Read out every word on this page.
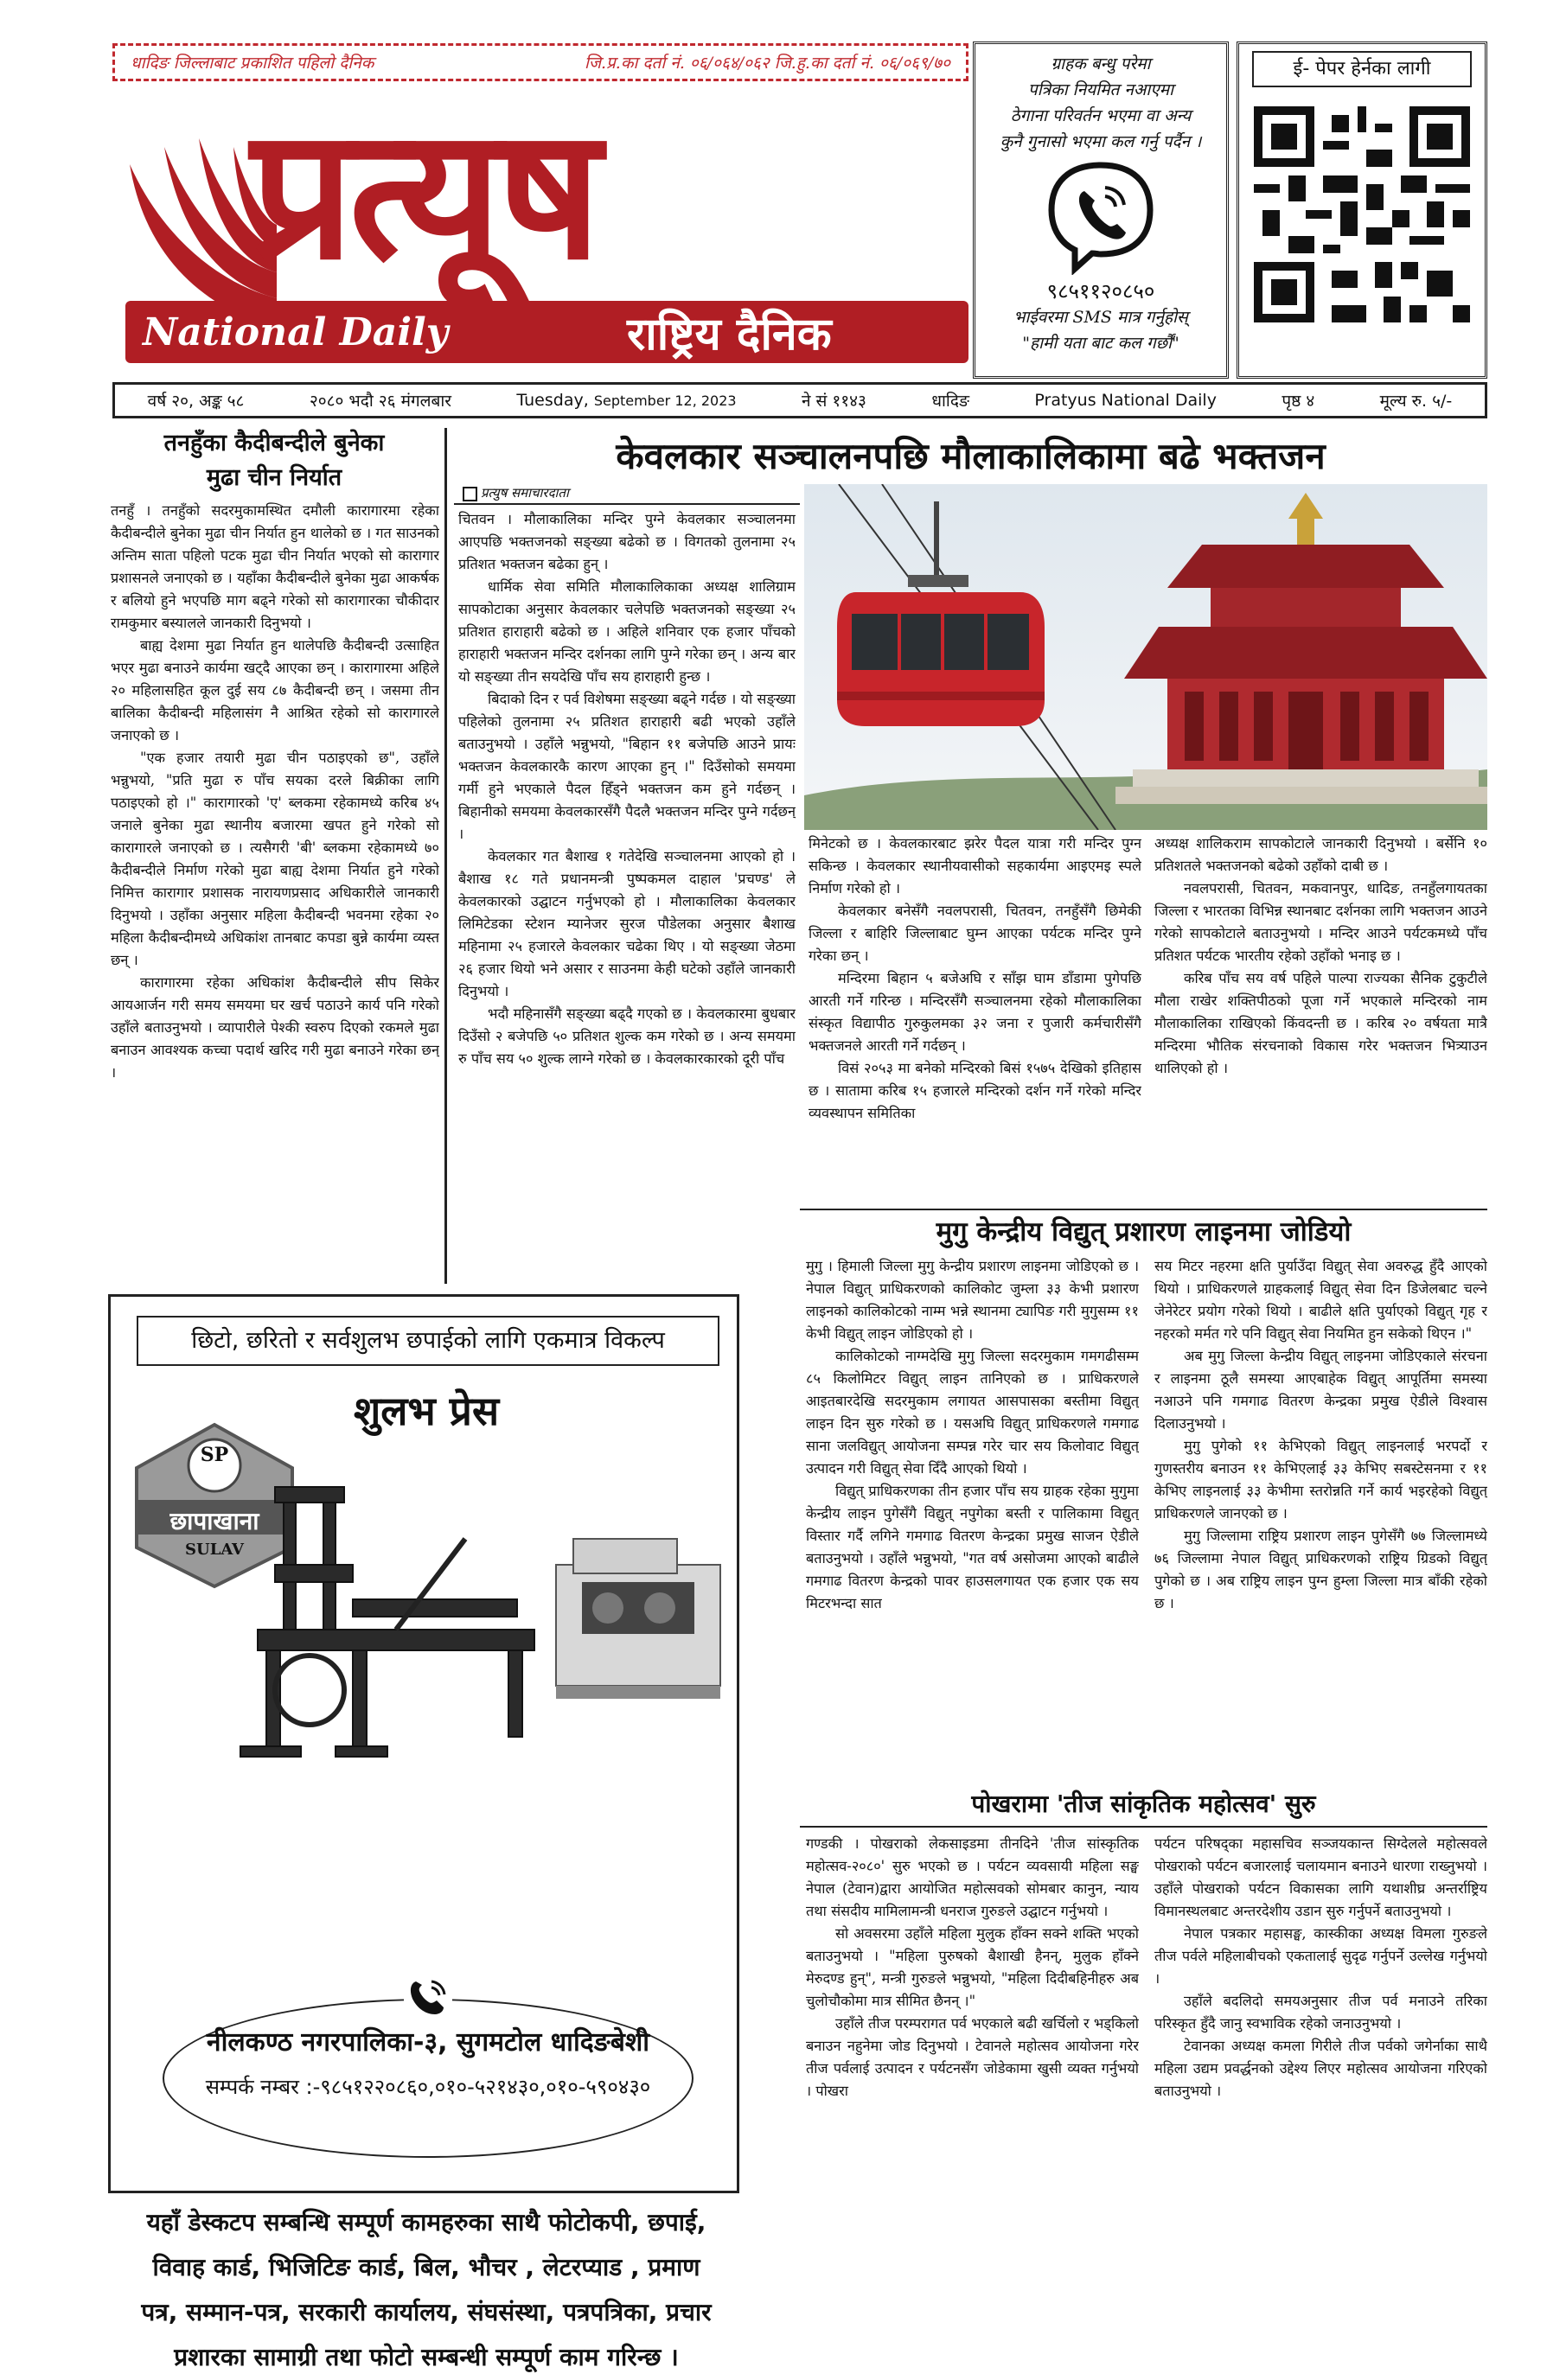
धादिङ जिल्लाबाट प्रकाशित पहिलो दैनिक	जि.प्र.का दर्ता नं. ०६/०६४/०६२ जि.हु.का दर्ता नं. ०६/०६९/७०
प्रत्यूष
National Daily	राष्ट्रिय दैनिक
ग्राहक बन्धु परेमा
पत्रिका नियमित नआएमा
ठेगाना परिवर्तन भएमा वा अन्य
कुनै गुनासो भएमा कल गर्नु पर्दैन ।
९८५११२०८५०
भाईवरमा SMS मात्र गर्नुहोस्
"हामी यता बाट कल गर्छौं"
ई- पेपर हेर्नका लागी
वर्ष २०, अङ्क ५८	२०८० भदौ २६ मंगलबार	Tuesday, September 12, 2023	ने सं ११४३	धादिङ	Pratyus National Daily	पृष्ठ ४	मूल्य रु. ५/-
तनहुँका कैदीबन्दीले बुनेका
मुढा चीन निर्यात

तनहुँ । तनहुँको सदरमुकामस्थित दमौली कारागारमा रहेका कैदीबन्दीले बुनेका मुढा चीन निर्यात हुन थालेको छ । गत साउनको अन्तिम साता पहिलो पटक मुढा चीन निर्यात भएको सो कारागार प्रशासनले जनाएको छ । यहाँका कैदीबन्दीले बुनेका मुढा आकर्षक र बलियो हुने भएपछि माग बढ्ने गरेको सो कारागारका चौकीदार रामकुमार बस्यालले जानकारी दिनुभयो ।

बाह्य देशमा मुढा निर्यात हुन थालेपछि कैदीबन्दी उत्साहित भएर मुढा बनाउने कार्यमा खट्दै आएका छन् । कारागारमा अहिले २० महिलासहित कूल दुई सय ८७ कैदीबन्दी छन् । जसमा तीन बालिका कैदीबन्दी महिलासंग नै आश्रित रहेको सो कारागारले जनाएको छ ।

"एक हजार तयारी मुढा चीन पठाइएको छ", उहाँले भन्नुभयो, "प्रति मुढा रु पाँच सयका दरले बिक्रीका लागि पठाइएको हो ।" कारागारको 'ए' ब्लकमा रहेकामध्ये करिब ४५ जनाले बुनेका मुढा स्थानीय बजारमा खपत हुने गरेको सो कारागारले जनाएको छ । त्यसैगरी 'बी' ब्लकमा रहेकामध्ये ७० कैदीबन्दीले निर्माण गरेको मुढा बाह्य देशमा निर्यात हुने गरेको निमित्त कारागार प्रशासक नारायणप्रसाद अधिकारीले जानकारी दिनुभयो । उहाँका अनुसार महिला कैदीबन्दी भवनमा रहेका २० महिला कैदीबन्दीमध्ये अधिकांश तानबाट कपडा बुन्ने कार्यमा व्यस्त छन् ।

कारागारमा रहेका अधिकांश कैदीबन्दीले सीप सिकेर आयआर्जन गरी समय समयमा घर खर्च पठाउने कार्य पनि गरेको उहाँले बताउनुभयो । व्यापारीले पेश्की स्वरुप दिएको रकमले मुढा बनाउन आवश्यक कच्चा पदार्थ खरिद गरी मुढा बनाउने गरेका छन् ।

केवलकार सञ्चालनपछि मौलाकालिकामा बढे भक्तजन
प्रत्युष समाचारदाता

चितवन । मौलाकालिका मन्दिर पुग्ने केवलकार सञ्चालनमा आएपछि भक्तजनको सङ्ख्या बढेको छ । विगतको तुलनामा २५ प्रतिशत भक्तजन बढेका हुन् ।

धार्मिक सेवा समिति मौलाकालिकाका अध्यक्ष शालिग्राम सापकोटाका अनुसार केवलकार चलेपछि भक्तजनको सङ्ख्या २५ प्रतिशत हाराहारी बढेको छ । अहिले शनिवार एक हजार पाँचको हाराहारी भक्तजन मन्दिर दर्शनका लागि पुग्ने गरेका छन् । अन्य बार यो सङ्ख्या तीन सयदेखि पाँच सय हाराहारी हुन्छ ।

बिदाको दिन र पर्व विशेषमा सङ्ख्या बढ्ने गर्दछ । यो सङ्ख्या पहिलेको तुलनामा २५ प्रतिशत हाराहारी बढी भएको उहाँले बताउनुभयो । उहाँले भन्नुभयो, "बिहान ११ बजेपछि आउने प्रायः भक्तजन केवलकारकै कारण आएका हुन् ।" दिउँसोको समयमा गर्मी हुने भएकाले पैदल हिँड्ने भक्तजन कम हुने गर्दछन् । बिहानीको समयमा केवलकारसँगै पैदलै भक्तजन मन्दिर पुग्ने गर्दछन् ।

केवलकार गत बैशाख १ गतेदेखि सञ्चालनमा आएको हो । बैशाख १८ गते प्रधानमन्त्री पुष्पकमल दाहाल 'प्रचण्ड' ले केवलकारको उद्घाटन गर्नुभएको हो । मौलाकालिका केवलकार लिमिटेडका स्टेशन म्यानेजर सुरज पौडेलका अनुसार बैशाख महिनामा २५ हजारले केवलकार चढेका थिए । यो सङ्ख्या जेठमा २६ हजार थियो भने असार र साउनमा केही घटेको उहाँले जानकारी दिनुभयो ।

भदौ महिनासँगै सङ्ख्या बढ्दै गएको छ । केवलकारमा बुधबार दिउँसो २ बजेपछि ५० प्रतिशत शुल्क कम गरेको छ । अन्य समयमा रु पाँच सय ५० शुल्क लाग्ने गरेको छ । केवलकारकारको दूरी पाँच

मिनेटको छ । केवलकारबाट झरेर पैदल यात्रा गरी मन्दिर पुग्न सकिन्छ । केवलकार स्थानीयवासीको सहकार्यमा आइएमइ स्पले निर्माण गरेको हो ।

केवलकार बनेसँगै नवलपरासी, चितवन, तनहुँसँगै छिमेकी जिल्ला र बाहिरि जिल्लाबाट घुम्न आएका पर्यटक मन्दिर पुग्ने गरेका छन् ।

मन्दिरमा बिहान ५ बजेअघि र साँझ घाम डाँडामा पुगेपछि आरती गर्ने गरिन्छ । मन्दिरसँगै सञ्चालनमा रहेको मौलाकालिका संस्कृत विद्यापीठ गुरुकुलमका ३२ जना र पुजारी कर्मचारीसँगै भक्तजनले आरती गर्ने गर्दछन् ।

विसं २०५३ मा बनेको मन्दिरको बिसं १५७५ देखिको इतिहास छ । सातामा करिब १५ हजारले मन्दिरको दर्शन गर्ने गरेको मन्दिर व्यवस्थापन समितिका

अध्यक्ष शालिकराम सापकोटाले जानकारी दिनुभयो । बर्सेनि १० प्रतिशतले भक्तजनको बढेको उहाँको दाबी छ ।

नवलपरासी, चितवन, मकवानपुर, धादिङ, तनहुँलगायतका जिल्ला र भारतका विभिन्न स्थानबाट दर्शनका लागि भक्तजन आउने गरेको सापकोटाले बताउनुभयो । मन्दिर आउने पर्यटकमध्ये पाँच प्रतिशत पर्यटक भारतीय रहेको उहाँको भनाइ छ ।

करिब पाँच सय वर्ष पहिले पाल्पा राज्यका सैनिक टुकुटीले मौला राखेर शक्तिपीठको पूजा गर्ने भएकाले मन्दिरको नाम मौलाकालिका राखिएको किंवदन्ती छ । करिब २० वर्षयता मात्रै मन्दिरमा भौतिक संरचनाको विकास गरेर भक्तजन भित्र्याउन थालिएको हो ।

मुगु केन्द्रीय विद्युत् प्रशारण लाइनमा जोडियो

मुगु । हिमाली जिल्ला मुगु केन्द्रीय प्रशारण लाइनमा जोडिएको छ । नेपाल विद्युत् प्राधिकरणको कालिकोट जुम्ला ३३ केभी प्रशारण लाइनको कालिकोटको नाम्म भन्ने स्थानमा ट्यापिङ गरी मुगुसम्म ११ केभी विद्युत् लाइन जोडिएको हो ।

कालिकोटको नाग्मदेखि मुगु जिल्ला सदरमुकाम गमगढीसम्म ८५ किलोमिटर विद्युत् लाइन तानिएको छ । प्राधिकरणले आइतबारदेखि सदरमुकाम लगायत आसपासका बस्तीमा विद्युत् लाइन दिन सुरु गरेको छ । यसअघि विद्युत् प्राधिकरणले गमगाढ साना जलविद्युत् आयोजना सम्पन्न गरेर चार सय किलोवाट विद्युत् उत्पादन गरी विद्युत् सेवा दिँदै आएको थियो ।

विद्युत् प्राधिकरणका तीन हजार पाँच सय ग्राहक रहेका मुगुमा केन्द्रीय लाइन पुगेसँगै विद्युत् नपुगेका बस्ती र पालिकामा विद्युत् विस्तार गर्दै लगिने गमगाढ वितरण केन्द्रका प्रमुख साजन ऐडीले बताउनुभयो । उहाँले भन्नुभयो, "गत वर्ष असोजमा आएको बाढीले गमगाढ वितरण केन्द्रको पावर हाउसलगायत एक हजार एक सय मिटरभन्दा सात

सय मिटर नहरमा क्षति पुर्याउँदा विद्युत् सेवा अवरुद्ध हुँदै आएको थियो । प्राधिकरणले ग्राहकलाई विद्युत् सेवा दिन डिजेलबाट चल्ने जेनेरेटर प्रयोग गरेको थियो । बाढीले क्षति पुर्याएको विद्युत् गृह र नहरको मर्मत गरे पनि विद्युत् सेवा नियमित हुन सकेको थिएन ।"

अब मुगु जिल्ला केन्द्रीय विद्युत् लाइनमा जोडिएकाले संरचना र लाइनमा ठूलै समस्या आएबाहेक विद्युत् आपूर्तिमा समस्या नआउने पनि गमगाढ वितरण केन्द्रका प्रमुख ऐडीले विश्वास दिलाउनुभयो ।

मुगु पुगेको ११ केभिएको विद्युत् लाइनलाई भरपर्दो र गुणस्तरीय बनाउन ११ केभिएलाई ३३ केभिए सबस्टेसनमा र ११ केभिए लाइनलाई ३३ केभीमा स्तरोन्नति गर्ने कार्य भइरहेको विद्युत् प्राधिकरणले जानएको छ ।

मुगु जिल्लामा राष्ट्रिय प्रशारण लाइन पुगेसँगै ७७ जिल्लामध्ये ७६ जिल्लामा नेपाल विद्युत् प्राधिकरणको राष्ट्रिय ग्रिडको विद्युत् पुगेको छ । अब राष्ट्रिय लाइन पुग्न हुम्ला जिल्ला मात्र बाँकी रहेको छ ।

पोखरामा 'तीज सांकृतिक महोत्सव' सुरु

गण्डकी । पोखराको लेकसाइडमा तीनदिने 'तीज सांस्कृतिक महोत्सव-२०८०' सुरु भएको छ । पर्यटन व्यवसायी महिला सङ्घ नेपाल (टेवान)द्वारा आयोजित महोत्सवको सोमबार कानुन, न्याय तथा संसदीय मामिलामन्त्री धनराज गुरुङले उद्घाटन गर्नुभयो ।

सो अवसरमा उहाँले महिला मुलुक हाँक्न सक्ने शक्ति भएको बताउनुभयो । "महिला पुरुषको बैशाखी हैनन्, मुलुक हाँक्ने मेरुदण्ड हुन्", मन्त्री गुरुङले भन्नुभयो, "महिला दिदीबहिनीहरु अब चुलोचौकोमा मात्र सीमित छैनन् ।"

उहाँले तीज परम्परागत पर्व भएकाले बढी खर्चिलो र भड्किलो बनाउन नहुनेमा जोड दिनुभयो । टेवानले महोत्सव आयोजना गरेर तीज पर्वलाई उत्पादन र पर्यटनसँग जोडेकामा खुसी व्यक्त गर्नुभयो । पोखरा

पर्यटन परिषद्का महासचिव सञ्जयकान्त सिग्देलले महोत्सवले पोखराको पर्यटन बजारलाई चलायमान बनाउने धारणा राख्नुभयो । उहाँले पोखराको पर्यटन विकासका लागि यथाशीघ्र अन्तर्राष्ट्रिय विमानस्थलबाट अन्तरदेशीय उडान सुरु गर्नुपर्ने बताउनुभयो ।

नेपाल पत्रकार महासङ्घ, कास्कीका अध्यक्ष विमला गुरुङले तीज पर्वले महिलाबीचको एकतालाई सुदृढ गर्नुपर्ने उल्लेख गर्नुभयो ।

उहाँले बदलिदो समयअनुसार तीज पर्व मनाउने तरिका परिस्कृत हुँदै जानु स्वभाविक रहेको जनाउनुभयो ।

टेवानका अध्यक्ष कमला गिरीले तीज पर्वको जगेर्नाका साथै महिला उद्यम प्रवर्द्धनको उद्देश्य लिएर महोत्सव आयोजना गरिएको बताउनुभयो ।

छिटो, छरितो र सर्वशुलभ छपाईको लागि एकमात्र विकल्प
शुलभ प्रेस
SP
छापाखाना
SULAV
यहाँ डेस्कटप सम्बन्धि सम्पूर्ण कामहरुका साथै फोटोकपी, छपाई, विवाह कार्ड, भिजिटिङ कार्ड, बिल, भौचर , लेटरप्याड , प्रमाण पत्र, सम्मान-पत्र, सरकारी कार्यालय, संघसंस्था, पत्रपत्रिका, प्रचार प्रशारका सामाग्री तथा फोटो सम्बन्धी सम्पूर्ण काम गरिन्छ ।
नीलकण्ठ नगरपालिका-३, सुगमटोल धादिङबेशी
सम्पर्क नम्बर :-९८५१२२०८६०,०१०-५२१४३०,०१०-५९०४३०
